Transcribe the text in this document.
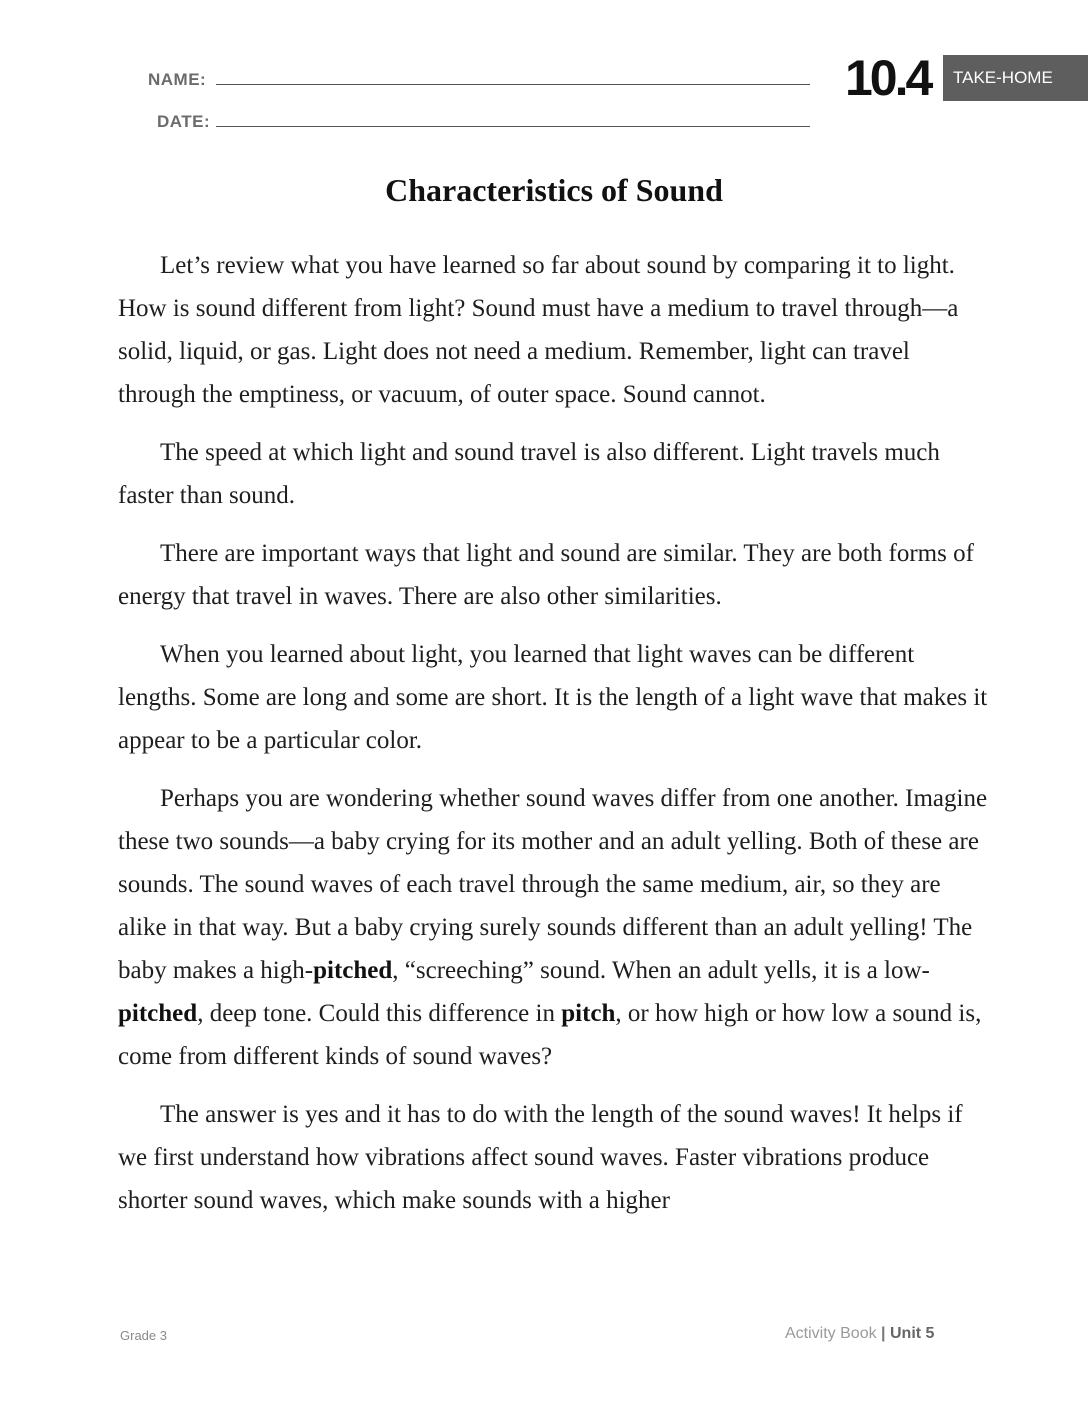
NAME:
DATE:
10.4	TAKE-HOME
Characteristics of Sound

Let’s review what you have learned so far about sound by comparing it to light. How is sound different from light? Sound must have a medium to travel through—a solid, liquid, or gas. Light does not need a medium. Remember, light can travel through the emptiness, or vacuum, of outer space. Sound cannot.

The speed at which light and sound travel is also different. Light travels much faster than sound.

There are important ways that light and sound are similar. They are both forms of energy that travel in waves. There are also other similarities.

When you learned about light, you learned that light waves can be different lengths. Some are long and some are short. It is the length of a light wave that makes it appear to be a particular color.

Perhaps you are wondering whether sound waves differ from one another. Imagine these two sounds—a baby crying for its mother and an adult yelling. Both of these are sounds. The sound waves of each travel through the same medium, air, so they are alike in that way. But a baby crying surely sounds different than an adult yelling! The baby makes a high-pitched, “screeching” sound. When an adult yells, it is a low-pitched, deep tone. Could this difference in pitch, or how high or how low a sound is, come from different kinds of sound waves?

The answer is yes and it has to do with the length of the sound waves! It helps if we first understand how vibrations affect sound waves. Faster vibrations produce shorter sound waves, which make sounds with a higher

Grade 3	Activity Book | Unit 5
